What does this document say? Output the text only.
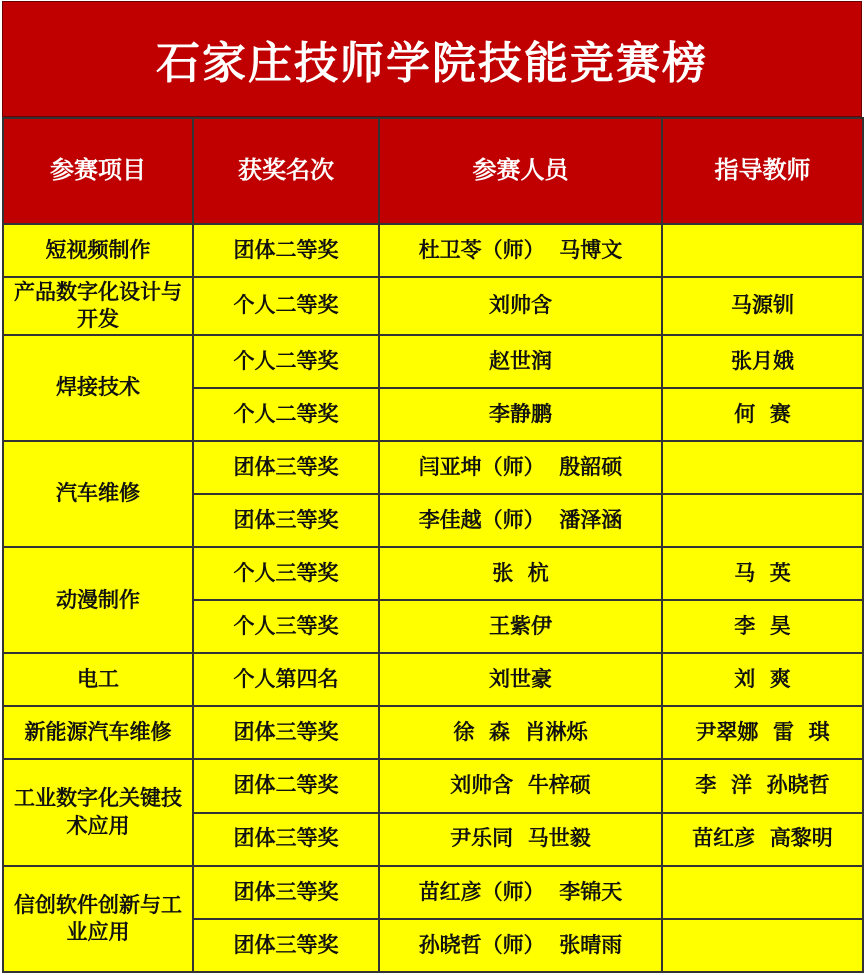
石家庄技师学院技能竞赛榜
参赛项目	获奖名次	参赛人员	指导教师
短视频制作	团体二等奖	杜卫苓（师）  马博文	
产品数字化设计与开发	个人二等奖	刘帅含	马源钏
焊接技术	个人二等奖	赵世润	张月娥
	个人二等奖	李静鹏	何  赛
汽车维修	团体三等奖	闫亚坤（师）  殷韶硕	
	团体三等奖	李佳越（师）  潘泽涵	
动漫制作	个人三等奖	张  杭	马  英
	个人三等奖	王紫伊	李  昊
电工	个人第四名	刘世豪	刘  爽
新能源汽车维修	团体三等奖	徐  森  肖淋烁	尹翠娜  雷  琪
工业数字化关键技术应用	团体二等奖	刘帅含  牛梓硕	李  洋  孙晓哲
	团体三等奖	尹乐同  马世毅	苗红彦  高黎明
信创软件创新与工业应用	团体三等奖	苗红彦（师）  李锦天	
	团体三等奖	孙晓哲（师）  张晴雨	
